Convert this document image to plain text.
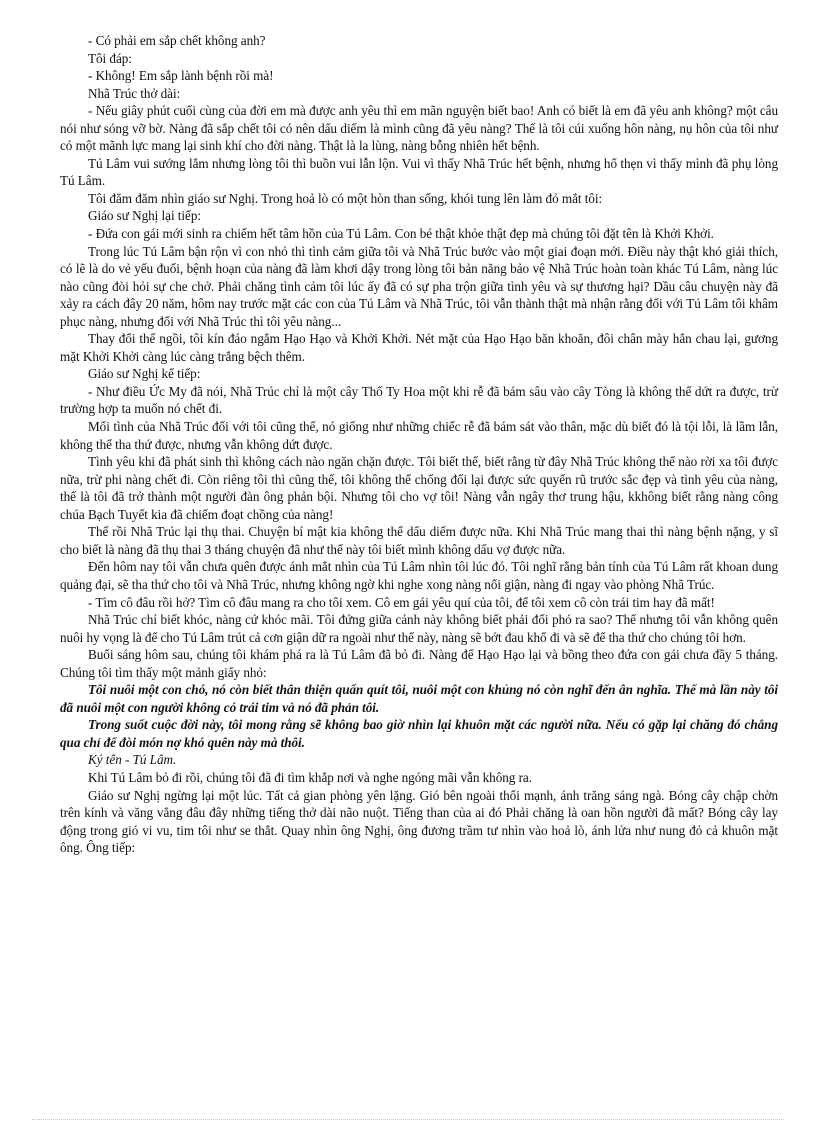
- Có phải em sắp chết không anh?

Tôi đáp:

- Không! Em sắp lành bệnh rồi mà!

Nhã Trúc thở dài:

- Nếu giây phút cuối cùng của đời em mà được anh yêu thì em mãn nguyện biết bao! Anh có biết là em đã yêu anh không? một câu nói như sóng vỡ bờ. Nàng đã sắp chết tôi có nên dấu diếm là mình cũng đã yêu nàng? Thế là tôi cúi xuống hôn nàng, nụ hôn của tôi như có một mãnh lực mang lại sinh khí cho đời nàng. Thật là la lùng, nàng bỗng nhiên hết bệnh.

Tú Lâm vui sướng lắm nhưng lòng tôi thì buồn vui lẫn lộn. Vui vì thấy Nhã Trúc hết bệnh, nhưng hổ thẹn vì thấy mình đã phụ lòng Tú Lâm.

Tôi đăm đăm nhìn giáo sư Nghị. Trong hoả lò có một hòn than sống, khói tung lên làm đỏ mắt tôi:

Giáo sư Nghị lại tiếp:

- Đứa con gái mới sinh ra chiếm hết tâm hồn của Tú Lâm. Con bé thật khỏe thật đẹp mà chúng tôi đặt tên là Khởi Khởi.

Trong lúc Tú Lâm bận rộn vì con nhỏ thì tình cảm giữa tôi và Nhã Trúc bước vào một giai đoạn mới. Điều này thật khó giải thích, có lẽ là do vẻ yếu đuối, bệnh hoạn của nàng đã làm khơi dậy trong lòng tôi bản năng bảo vệ Nhã Trúc hoàn toàn khác Tú Lâm, nàng lúc nào cũng đòi hỏi sự che chở. Phải chăng tình cảm tôi lúc ấy đã có sự pha trộn giữa tình yêu và sự thương hại? Dầu câu chuyện này đã xảy ra cách đây 20 năm, hôm nay trước mặt các con của Tú Lâm và Nhã Trúc, tôi vẫn thành thật mà nhận rằng đối với Tú Lâm tôi khâm phục nàng, nhưng đối với Nhã Trúc thì tôi yêu nàng...

Thay đổi thế ngồi, tôi kín đáo ngắm Hạo Hạo và Khởi Khởi. Nét mặt của Hạo Hạo băn khoăn, đôi chân mày hắn chau lại, gương mặt Khởi Khởi càng lúc càng trắng bệch thêm.

Giáo sư Nghị kể tiếp:

- Như điều Ức My đã nói, Nhã Trúc chỉ là một cây Thố Ty Hoa một khi rễ đã bám sâu vào cây Tòng là không thể dứt ra được, trừ trường hợp ta muốn nó chết đi.

Mối tình của Nhã Trúc đối với tôi cũng thế, nó giống như những chiếc rễ đã bám sát vào thân, mặc dù biết đó là tội lỗi, là lầm lẫn, không thể tha thứ được, nhưng vẫn không dứt được.

Tình yêu khi đã phát sinh thì không cách nào ngăn chặn được. Tôi biết thế, biết rằng từ đây Nhã Trúc không thể nào rời xa tôi được nữa, trừ phi nàng chết đi. Còn riêng tôi thì cũng thế, tôi không thể chống đối lại được sức quyến rũ trước sắc đẹp và tình yêu của nàng, thế là tôi đã trở thành một người đàn ông phản bội. Nhưng tôi cho vợ tôi! Nàng vẫn ngây thơ trung hậu, kkhông biết rằng nàng công chúa Bạch Tuyết kia đã chiếm đoạt chồng của nàng!

Thế rồi Nhã Trúc lại thụ thai. Chuyện bí mật kia không thể dấu diếm được nữa. Khi Nhã Trúc mang thai thì nàng bệnh nặng, y sĩ cho biết là nàng đã thụ thai 3 tháng chuyện đã như thế này tôi biết mình không dấu vợ được nữa.

Đến hôm nay tôi vẫn chưa quên được ánh mắt nhìn của Tú Lâm nhìn tôi lúc đó. Tôi nghĩ rằng bản tính của Tú Lâm rất khoan dung quảng đại, sẽ tha thứ cho tôi và Nhã Trúc, nhưng không ngờ khi nghe xong nàng nổi giận, nàng đi ngay vào phòng Nhã Trúc.

- Tìm cô đâu rồi hở? Tìm cô đâu mang ra cho tôi xem. Cô em gái yêu quí của tôi, để tôi xem cô còn trái tim hay đã mất!

Nhã Trúc chỉ biết khóc, nàng cứ khóc mãi. Tôi đứng giữa cảnh này không biết phải đối phó ra sao? Thế nhưng tôi vẫn không quên nuôi hy vọng là để cho Tú Lâm trút cả cơn giận dữ ra ngoài như thế này, nàng sẽ bớt đau khổ đi và sẽ để tha thứ cho chúng tôi hơn.

Buổi sáng hôm sau, chúng tôi khám phá ra là Tú Lâm đã bỏ đi. Nàng để Hạo Hạo lại và bồng theo đứa con gái chưa đầy 5 tháng. Chúng tôi tìm thấy một mảnh giấy nhỏ:

Tôi nuôi một con chó, nó còn biết thân thiện quấn quít tôi, nuôi một con khủng nó còn nghĩ đến ân nghĩa. Thế mà lần này tôi đã nuôi một con người không có trái tim và nó đã phản tôi.

Trong suốt cuộc đời này, tôi mong rằng sẽ không bao giờ nhìn lại khuôn mặt các người nữa. Nếu có gặp lại chăng đó chẳng qua chỉ để đòi món nợ khó quên này mà thôi.

Ký tên - Tú Lâm.

Khi Tú Lâm bỏ đi rồi, chúng tôi đã đi tìm khắp nơi và nghe ngóng mãi vẫn không ra.

Giáo sư Nghị ngừng lại một lúc. Tất cả gian phòng yên lặng. Gió bên ngoài thổi mạnh, ánh trăng sáng ngà. Bóng cây chập chờn trên kính và văng vẳng đâu đây những tiếng thở dài não nuột. Tiếng than của ai đó Phải chăng là oan hồn người đã mất? Bóng cây lay động trong gió vi vu, tim tôi như se thắt. Quay nhìn ông Nghị, ông đương trầm tư nhìn vào hoả lò, ánh lửa như nung đỏ cả khuôn mặt ông. Ông tiếp:
